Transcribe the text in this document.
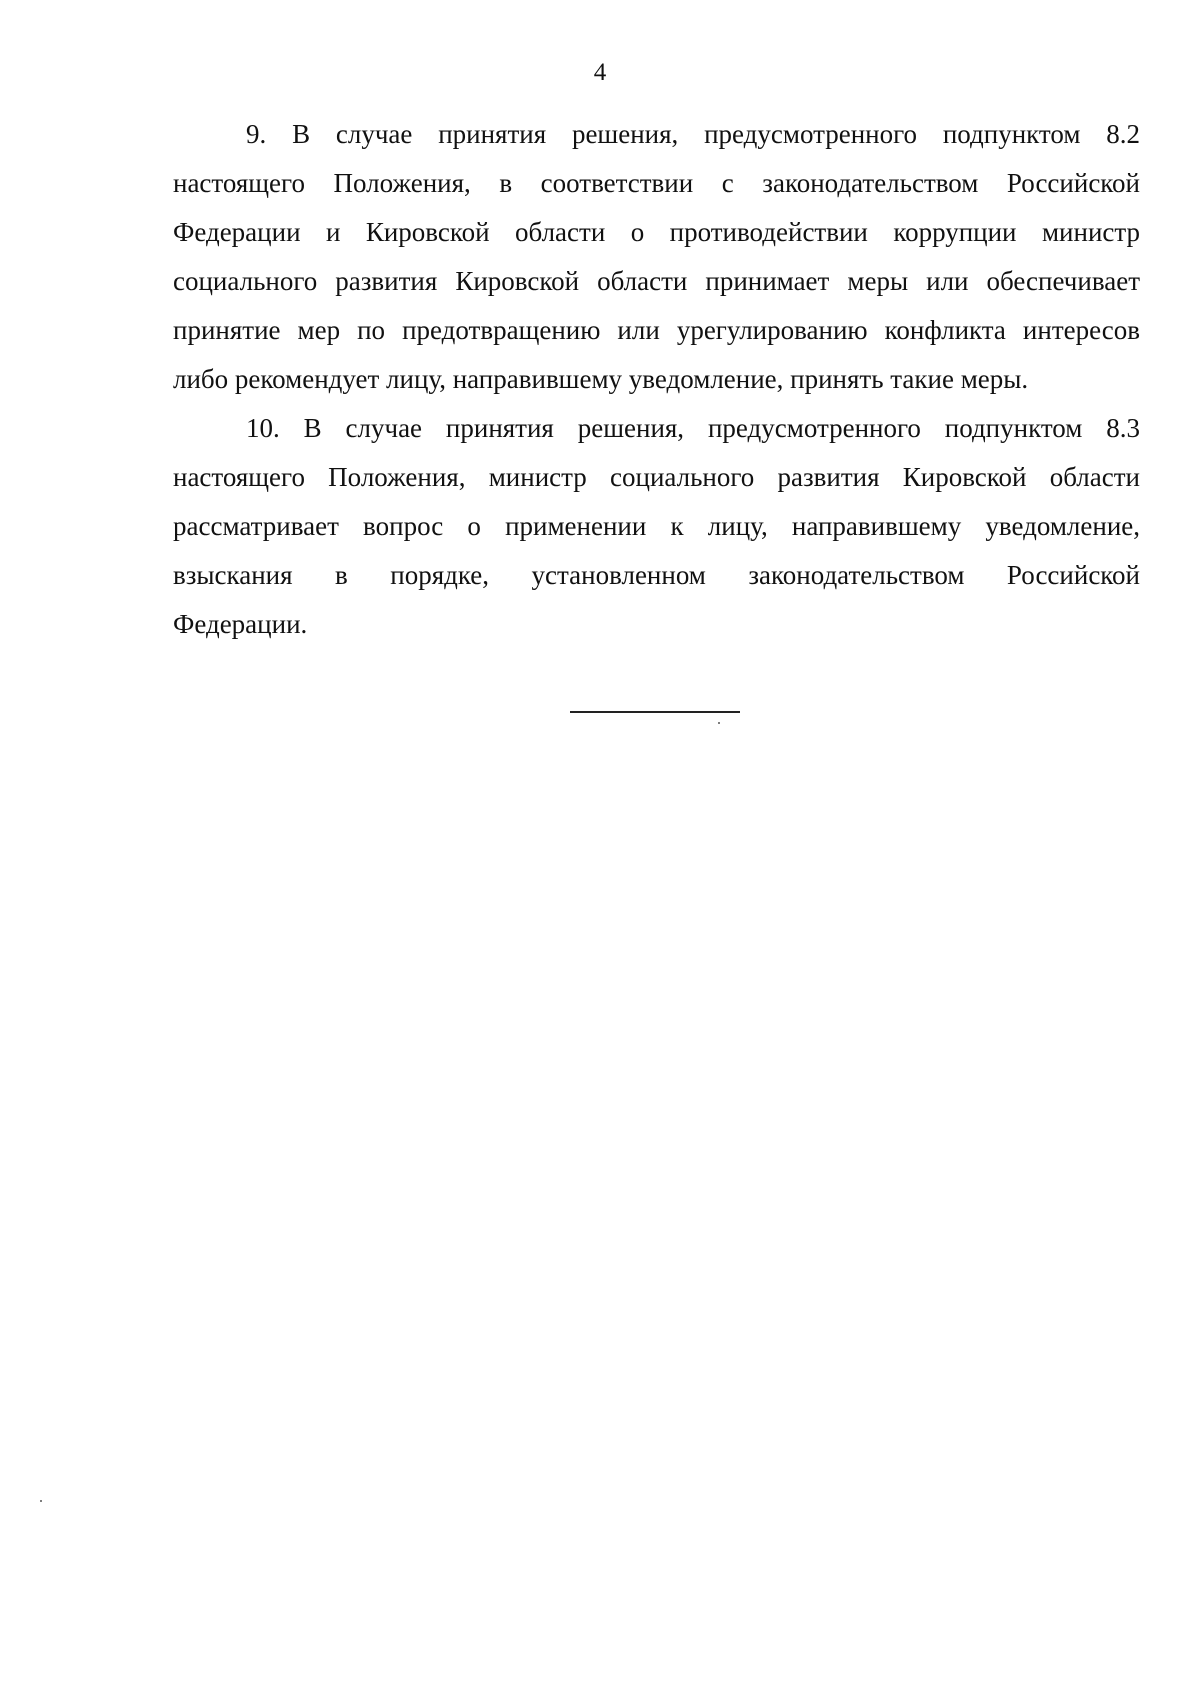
4

9. В случае принятия решения, предусмотренного подпунктом 8.2
настоящего Положения, в соответствии с законодательством Российской
Федерации и Кировской области о противодействии коррупции министр
социального развития Кировской области принимает меры или обеспечивает
принятие мер по предотвращению или урегулированию конфликта интересов
либо рекомендует лицу, направившему уведомление, принять такие меры.

10. В случае принятия решения, предусмотренного подпунктом 8.3
настоящего Положения, министр социального развития Кировской области
рассматривает вопрос о применении к лицу, направившему уведомление,
взыскания в порядке, установленном законодательством Российской
Федерации.
